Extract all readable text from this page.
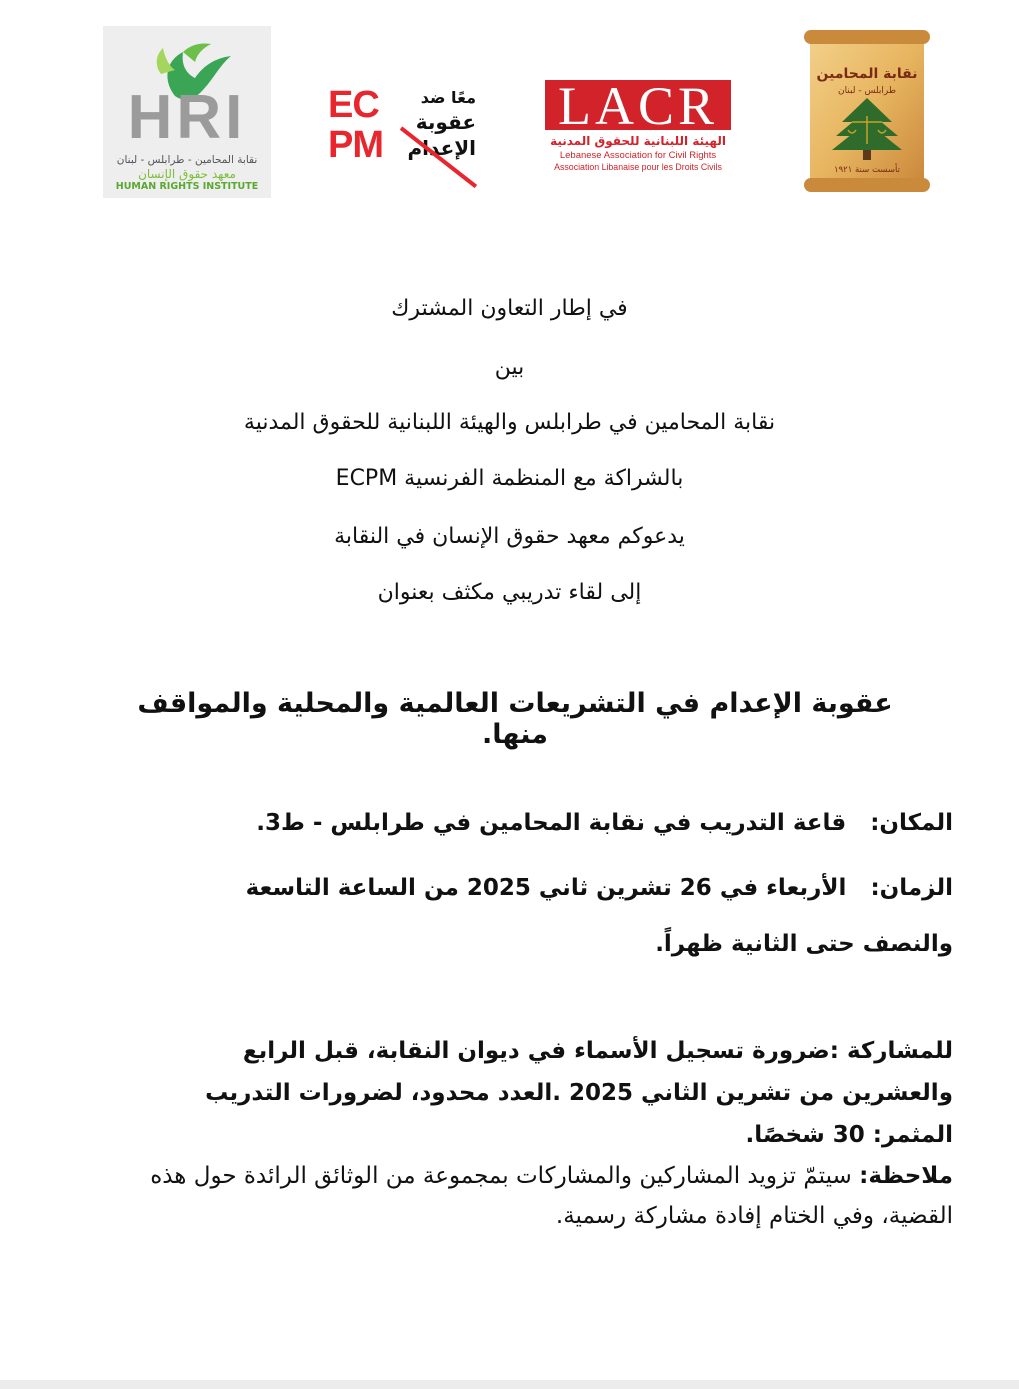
HRI
نقابة المحامين - طرابلس - لبنان
معهد حقوق الإنسان
HUMAN RIGHTS INSTITUTE
EC
PM
معًا ضد
عقوبة
الإعدام
LACR
الهيئة اللبنانية للحقوق المدنية
Lebanese Association for Civil Rights
Association Libanaise pour les Droits Civils
نقابة المحامين
طرابلس - لبنان
تأسست سنة ١٩٢١
في إطار التعاون المشترك
بين
نقابة المحامين في طرابلس والهيئة اللبنانية للحقوق المدنية
بالشراكة مع المنظمة الفرنسية ECPM
يدعوكم معهد حقوق الإنسان في النقابة
إلى لقاء تدريبي مكثف بعنوان
عقوبة الإعدام في التشريعات العالمية والمحلية والمواقف منها.
المكان:   قاعة التدريب في نقابة المحامين في طرابلس - ط3.
الزمان:   الأربعاء في 26 تشرين ثاني 2025 من الساعة التاسعة والنصف حتى الثانية ظهراً.
للمشاركة :ضرورة تسجيل الأسماء في ديوان النقابة، قبل الرابع والعشرين من تشرين الثاني 2025 .العدد محدود، لضرورات التدريب المثمر: 30 شخصًا.
ملاحظة: سيتمّ تزويد المشاركين والمشاركات بمجموعة من الوثائق الرائدة حول هذه القضية، وفي الختام إفادة مشاركة رسمية.
